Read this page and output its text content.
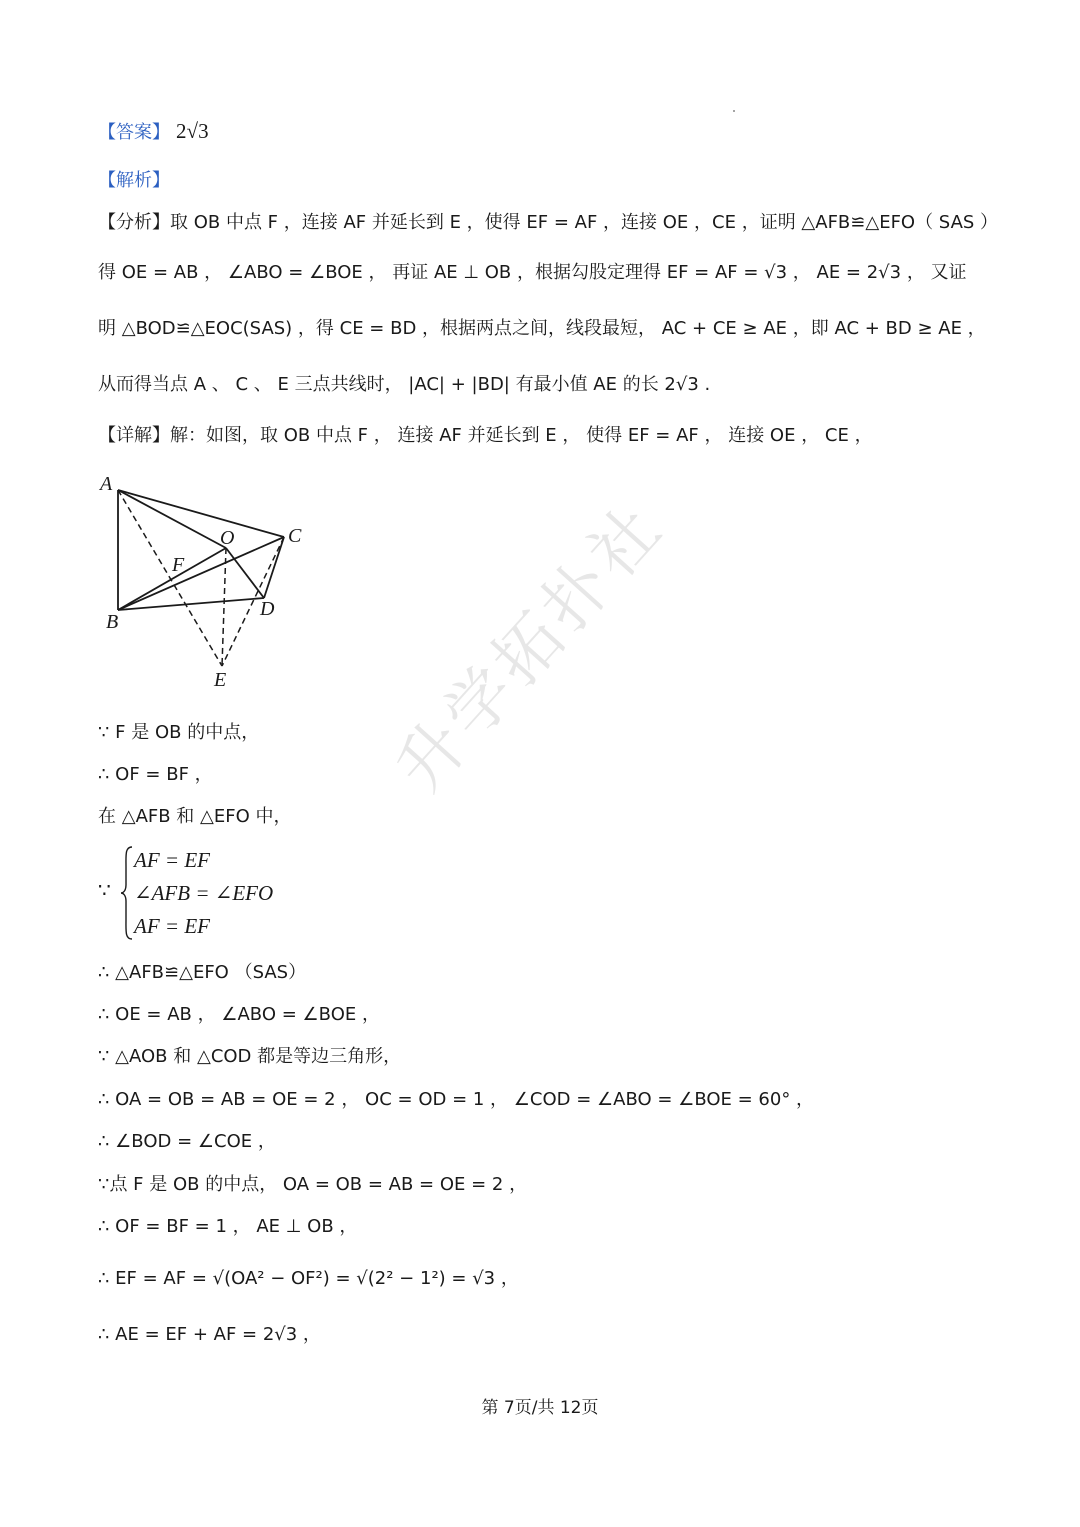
【答案】 2√3
【解析】
【分析】取 OB 中点 F ，连接 AF 并延长到 E ，使得 EF = AF ，连接 OE ，CE ，证明 △AFB≌△EFO（ SAS ）
得 OE = AB ， ∠ABO = ∠BOE ， 再证 AE ⊥ OB ，根据勾股定理得 EF = AF = √3 ， AE = 2√3 ， 又证
明 △BOD≌△EOC(SAS) ，得 CE = BD ，根据两点之间，线段最短， AC + CE ≥ AE ，即 AC + BD ≥ AE ，
从而得当点 A 、 C 、 E 三点共线时， |AC| + |BD| 有最小值 AE 的长 2√3 .
【详解】解：如图，取 OB 中点 F ， 连接 AF 并延长到 E ， 使得 EF = AF ， 连接 OE ， CE ，
A
B
C
D
E
F
O 升学拓扑社
∵ F 是 OB 的中点，
∴ OF = BF ，
在 △AFB 和 △EFO 中，
∵
AF = EF
∠AFB = ∠EFO
AF = EF
∴ △AFB≌△EFO （SAS）
∴ OE = AB ， ∠ABO = ∠BOE ，
∵ △AOB 和 △COD 都是等边三角形，
∴ OA = OB = AB = OE = 2 ， OC = OD = 1 ， ∠COD = ∠ABO = ∠BOE = 60° ，
∴ ∠BOD = ∠COE ，
∵点 F 是 OB 的中点， OA = OB = AB = OE = 2 ，
∴ OF = BF = 1 ， AE ⊥ OB ，
∴ EF = AF = √(OA² − OF²) = √(2² − 1²) = √3 ，
∴ AE = EF + AF = 2√3 ，
第 7页/共 12页
